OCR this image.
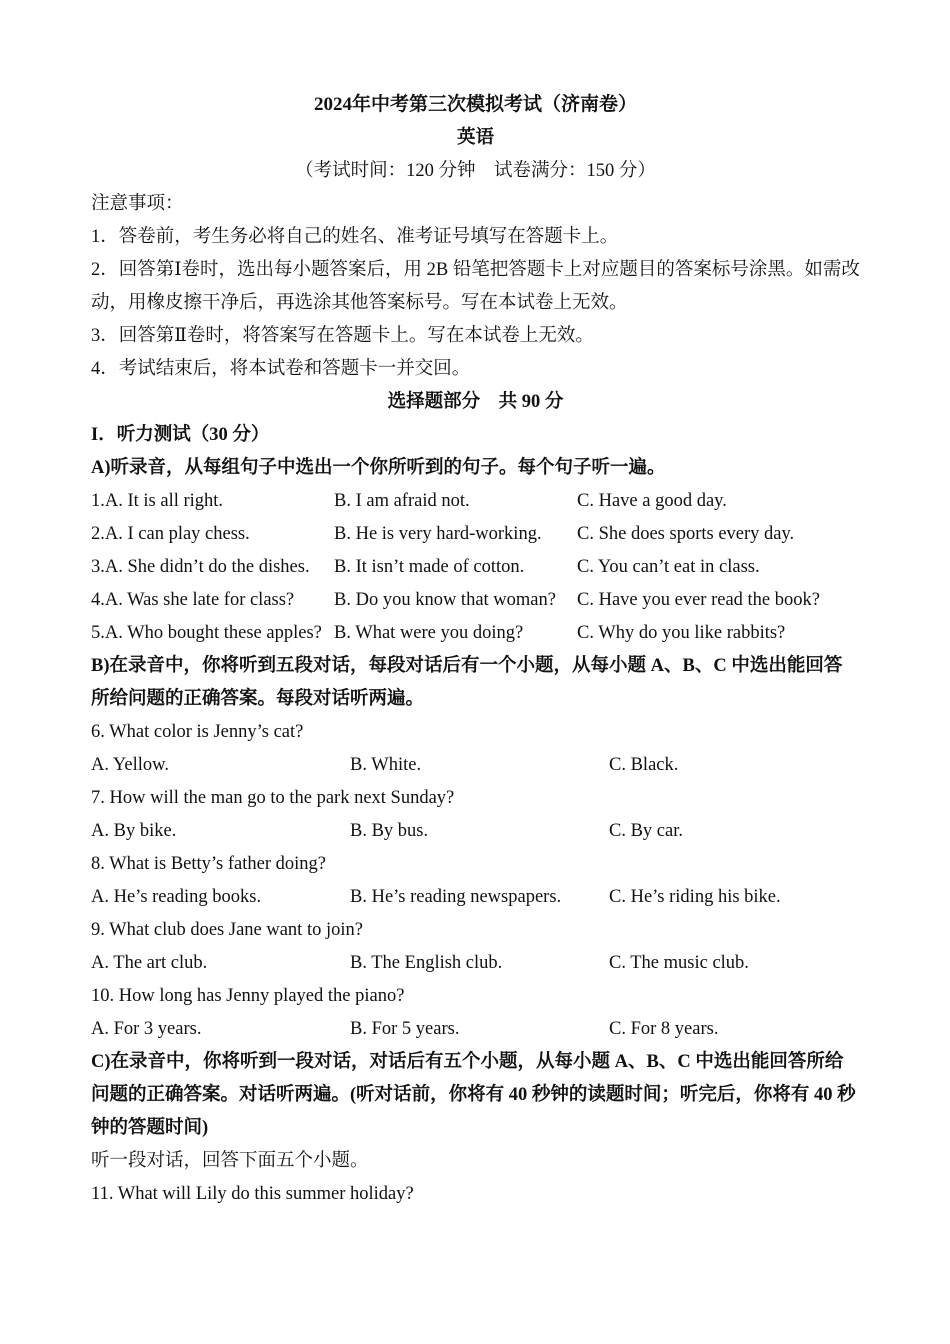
2024年中考第三次模拟考试（济南卷）
英语
（考试时间：120 分钟　试卷满分：150 分）
注意事项：
1．答卷前，考生务必将自己的姓名、准考证号填写在答题卡上。
2．回答第Ⅰ卷时，选出每小题答案后，用 2B 铅笔把答题卡上对应题目的答案标号涂黑。如需改动，用橡皮擦干净后，再选涂其他答案标号。写在本试卷上无效。
3．回答第Ⅱ卷时，将答案写在答题卡上。写在本试卷上无效。
4．考试结束后，将本试卷和答题卡一并交回。
选择题部分　共 90 分
I．听力测试（30 分）
A)听录音，从每组句子中选出一个你所听到的句子。每个句子听一遍。
1.A. It is all right.	B. I am afraid not.	C. Have a good day.
2.A. I can play chess.	B. He is very hard-working.	C. She does sports every day.
3.A. She didn’t do the dishes.	B. It isn’t made of cotton.	C. You can’t eat in class.
4.A. Was she late for class?	B. Do you know that woman?	C. Have you ever read the book?
5.A. Who bought these apples? B. What were you doing?	C. Why do you like rabbits?
B)在录音中，你将听到五段对话，每段对话后有一个小题，从每小题 A、B、C 中选出能回答所给问题的正确答案。每段对话听两遍。
6. What color is Jenny’s cat?
A. Yellow.	B. White.	C. Black.
7. How will the man go to the park next Sunday?
A. By bike.	B. By bus.	C. By car.
8. What is Betty’s father doing?
A. He’s reading books.	B. He’s reading newspapers.	C. He’s riding his bike.
9. What club does Jane want to join?
A. The art club.	B. The English club.	C. The music club.
10. How long has Jenny played the piano?
A. For 3 years.	B. For 5 years.	C. For 8 years.
C)在录音中，你将听到一段对话，对话后有五个小题，从每小题 A、B、C 中选出能回答所给问题的正确答案。对话听两遍。(听对话前，你将有 40 秒钟的读题时间；听完后，你将有 40 秒钟的答题时间)
听一段对话，回答下面五个小题。
11. What will Lily do this summer holiday?
